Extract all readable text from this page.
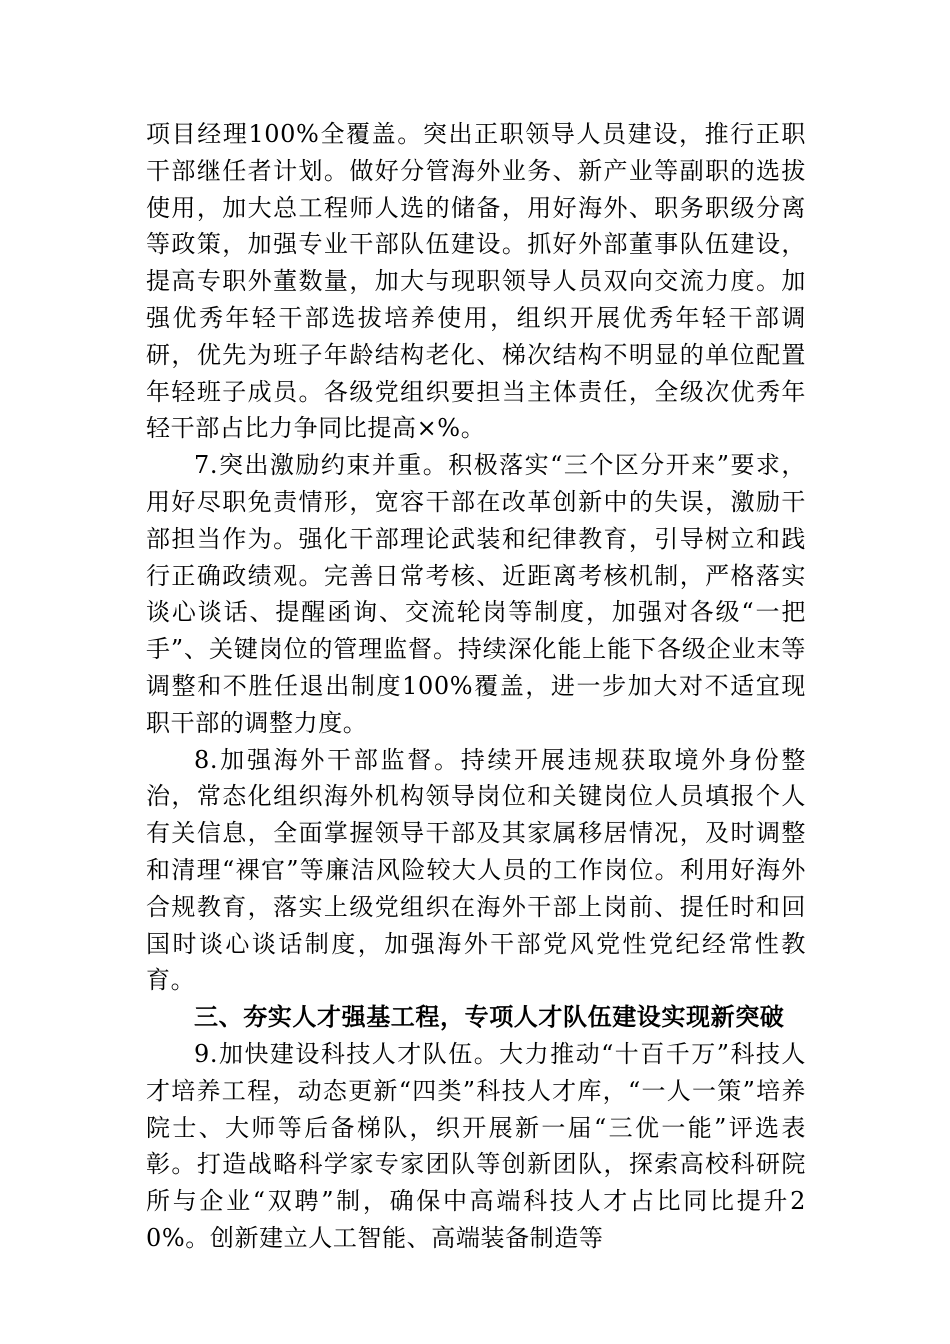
项目经理100%全覆盖。突出正职领导人员建设，推行正职干部继任者计划。做好分管海外业务、新产业等副职的选拔使用，加大总工程师人选的储备，用好海外、职务职级分离等政策，加强专业干部队伍建设。抓好外部董事队伍建设，提高专职外董数量，加大与现职领导人员双向交流力度。加强优秀年轻干部选拔培养使用，组织开展优秀年轻干部调研，优先为班子年龄结构老化、梯次结构不明显的单位配置年轻班子成员。各级党组织要担当主体责任，全级次优秀年轻干部占比力争同比提高×%。

7.突出激励约束并重。积极落实“三个区分开来”要求，用好尽职免责情形，宽容干部在改革创新中的失误，激励干部担当作为。强化干部理论武装和纪律教育，引导树立和践行正确政绩观。完善日常考核、近距离考核机制，严格落实谈心谈话、提醒函询、交流轮岗等制度，加强对各级“一把手”、关键岗位的管理监督。持续深化能上能下各级企业末等调整和不胜任退出制度100%覆盖，进一步加大对不适宜现职干部的调整力度。

8.加强海外干部监督。持续开展违规获取境外身份整治，常态化组织海外机构领导岗位和关键岗位人员填报个人有关信息，全面掌握领导干部及其家属移居情况，及时调整和清理“裸官”等廉洁风险较大人员的工作岗位。利用好海外合规教育，落实上级党组织在海外干部上岗前、提任时和回国时谈心谈话制度，加强海外干部党风党性党纪经常性教育。

三、夯实人才强基工程，专项人才队伍建设实现新突破

9.加快建设科技人才队伍。大力推动“十百千万”科技人才培养工程，动态更新“四类”科技人才库，“一人一策”培养院士、大师等后备梯队，织开展新一届“三优一能”评选表彰。打造战略科学家专家团队等创新团队，探索高校科研院所与企业“双聘”制，确保中高端科技人才占比同比提升20%。创新建立人工智能、高端装备制造等
